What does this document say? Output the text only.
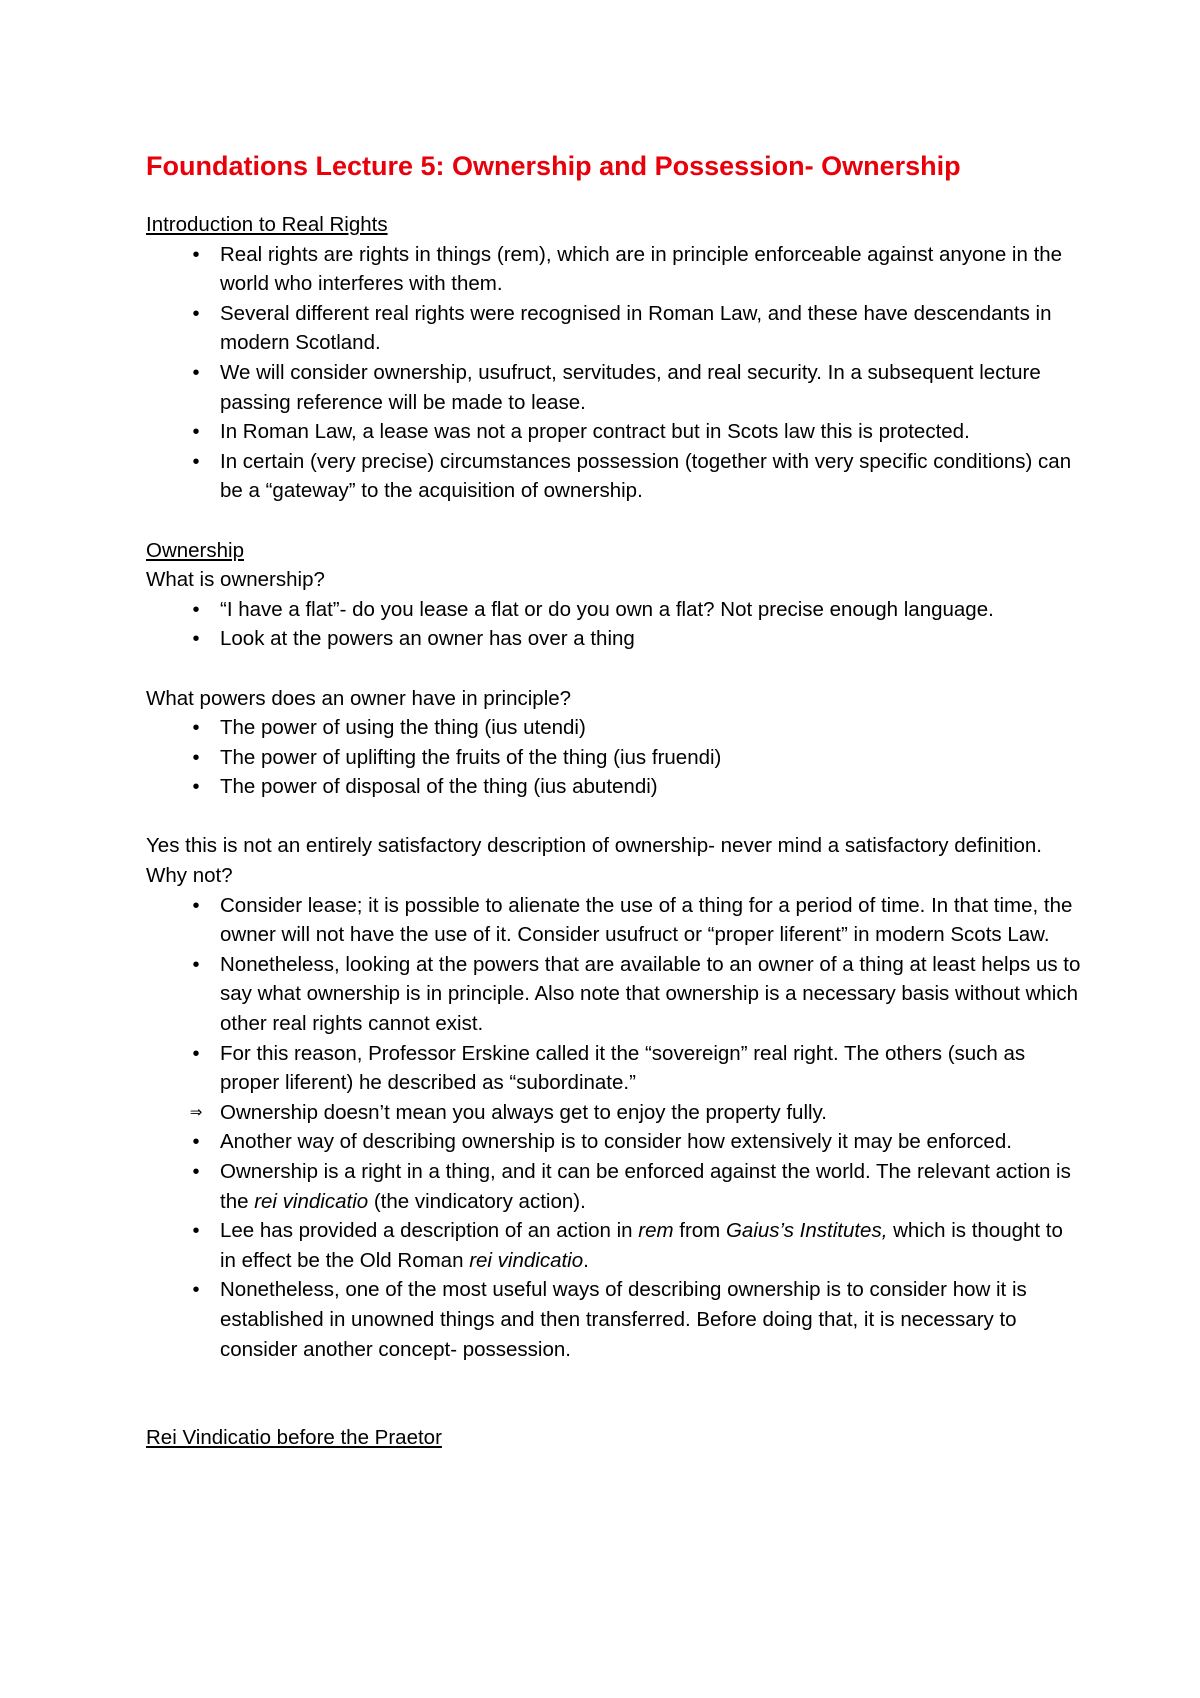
Foundations Lecture 5: Ownership and Possession- Ownership
Introduction to Real Rights
•
Real rights are rights in things (rem), which are in principle enforceable against anyone in the world who interferes with them.
•
Several different real rights were recognised in Roman Law, and these have descendants in modern Scotland.
•
We will consider ownership, usufruct, servitudes, and real security. In a subsequent lecture passing reference will be made to lease.
•
In Roman Law, a lease was not a proper contract but in Scots law this is protected.
•
In certain (very precise) circumstances possession (together with very specific conditions) can be a “gateway” to the acquisition of ownership.
Ownership
What is ownership?
•
“I have a flat”- do you lease a flat or do you own a flat? Not precise enough language.
•
Look at the powers an owner has over a thing
What powers does an owner have in principle?
•
The power of using the thing (ius utendi)
•
The power of uplifting the fruits of the thing (ius fruendi)
•
The power of disposal of the thing (ius abutendi)
Yes this is not an entirely satisfactory description of ownership- never mind a satisfactory definition. Why not?
•
Consider lease; it is possible to alienate the use of a thing for a period of time. In that time, the owner will not have the use of it. Consider usufruct or “proper liferent” in modern Scots Law.
•
Nonetheless, looking at the powers that are available to an owner of a thing at least helps us to say what ownership is in principle. Also note that ownership is a necessary basis without which other real rights cannot exist.
•
For this reason, Professor Erskine called it the “sovereign” real right. The others (such as proper liferent) he described as “subordinate.”
⇒ Ownership doesn’t mean you always get to enjoy the property fully.
•
Another way of describing ownership is to consider how extensively it may be enforced.
•
Ownership is a right in a thing, and it can be enforced against the world. The relevant action is the rei vindicatio (the vindicatory action).
•
Lee has provided a description of an action in rem from Gaius’s Institutes, which is thought to in effect be the Old Roman rei vindicatio.
•
Nonetheless, one of the most useful ways of describing ownership is to consider how it is established in unowned things and then transferred. Before doing that, it is necessary to consider another concept- possession.
Rei Vindicatio before the Praetor
